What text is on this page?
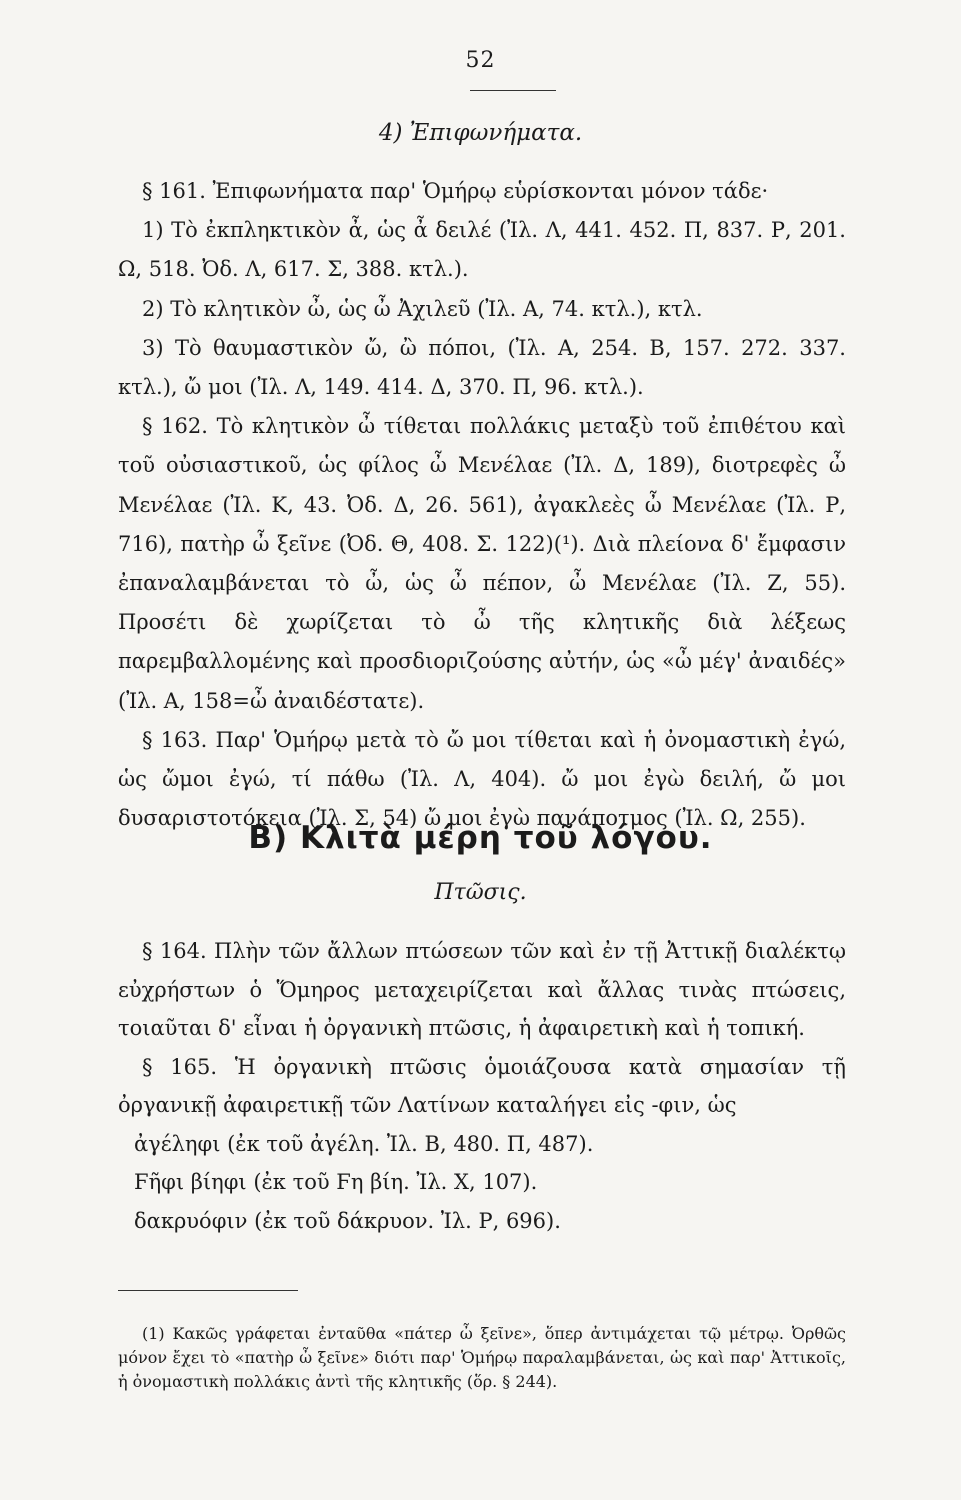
52
4) Ἐπιφωνήματα.

§ 161. Ἐπιφωνήματα παρ' Ὁμήρῳ εὑρίσκονται μόνον τάδε·

1) Τὸ ἐκπληκτικὸν ἆ, ὡς ἆ δειλέ (Ἰλ. Λ, 441. 452. Π, 837. Ρ, 201. Ω, 518. Ὀδ. Λ, 617. Σ, 388. κτλ.).

2) Τὸ κλητικὸν ὦ, ὡς ὦ Ἀχιλεῦ (Ἰλ. Α, 74. κτλ.), κτλ.

3) Τὸ θαυμαστικὸν ὤ, ὢ πόποι, (Ἰλ. Α, 254. Β, 157. 272. 337. κτλ.), ὤ μοι (Ἰλ. Λ, 149. 414. Δ, 370. Π, 96. κτλ.).

§ 162. Τὸ κλητικὸν ὦ τίθεται πολλάκις μεταξὺ τοῦ ἐπιθέτου καὶ τοῦ οὐσιαστικοῦ, ὡς φίλος ὦ Μενέλαε (Ἰλ. Δ, 189), διοτρεφὲς ὦ Μενέλαε (Ἰλ. Κ, 43. Ὀδ. Δ, 26. 561), ἀγακλεὲς ὦ Μενέλαε (Ἰλ. Ρ, 716), πατὴρ ὦ ξεῖνε (Ὀδ. Θ, 408. Σ. 122)(¹). Διὰ πλείονα δ' ἔμφασιν ἐπαναλαμβάνεται τὸ ὦ, ὡς ὦ πέπον, ὦ Μενέλαε (Ἰλ. Ζ, 55). Προσέτι δὲ χωρίζεται τὸ ὦ τῆς κλητικῆς διὰ λέξεως παρεμβαλλομένης καὶ προσδιοριζούσης αὐτήν, ὡς «ὦ μέγ' ἀναιδές» (Ἰλ. Α, 158=ὦ ἀναιδέστατε).

§ 163. Παρ' Ὁμήρῳ μετὰ τὸ ὤ μοι τίθεται καὶ ἡ ὀνομαστικὴ ἐγώ, ὡς ὤμοι ἐγώ, τί πάθω (Ἰλ. Λ, 404). ὤ μοι ἐγὼ δειλή, ὤ μοι δυσαριστοτόκεια (Ἰλ. Σ, 54) ὤ μοι ἐγὼ πανάποτμος (Ἰλ. Ω, 255).

Β) Κλιτὰ μέρη τοῦ λόγου.
Πτῶσις.

§ 164. Πλὴν τῶν ἄλλων πτώσεων τῶν καὶ ἐν τῇ Ἀττικῇ διαλέκτῳ εὐχρήστων ὁ Ὅμηρος μεταχειρίζεται καὶ ἄλλας τινὰς πτώσεις, τοιαῦται δ' εἶναι ἡ ὀργανικὴ πτῶσις, ἡ ἀφαιρετικὴ καὶ ἡ τοπική.

§ 165. Ἡ ὀργανικὴ πτῶσις ὁμοιάζουσα κατὰ σημασίαν τῇ ὀργανικῇ ἀφαιρετικῇ τῶν Λατίνων καταλήγει εἰς -φιν, ὡς

ἀγέληφι (ἐκ τοῦ ἀγέλη. Ἰλ. Β, 480. Π, 487).
Ϝῆφι βίηφι (ἐκ τοῦ Ϝη βίη. Ἰλ. Χ, 107).
δακρυόφιν (ἐκ τοῦ δάκρυον. Ἰλ. Ρ, 696).

(1) Κακῶς γράφεται ἐνταῦθα «πάτερ ὦ ξεῖνε», ὅπερ ἀντιμάχεται τῷ μέτρῳ. Ὀρθῶς μόνον ἔχει τὸ «πατὴρ ὦ ξεῖνε» διότι παρ' Ὁμήρῳ παραλαμβάνεται, ὡς καὶ παρ' Ἀττικοῖς, ἡ ὀνομαστικὴ πολλάκις ἀντὶ τῆς κλητικῆς (ὅρ. § 244).
